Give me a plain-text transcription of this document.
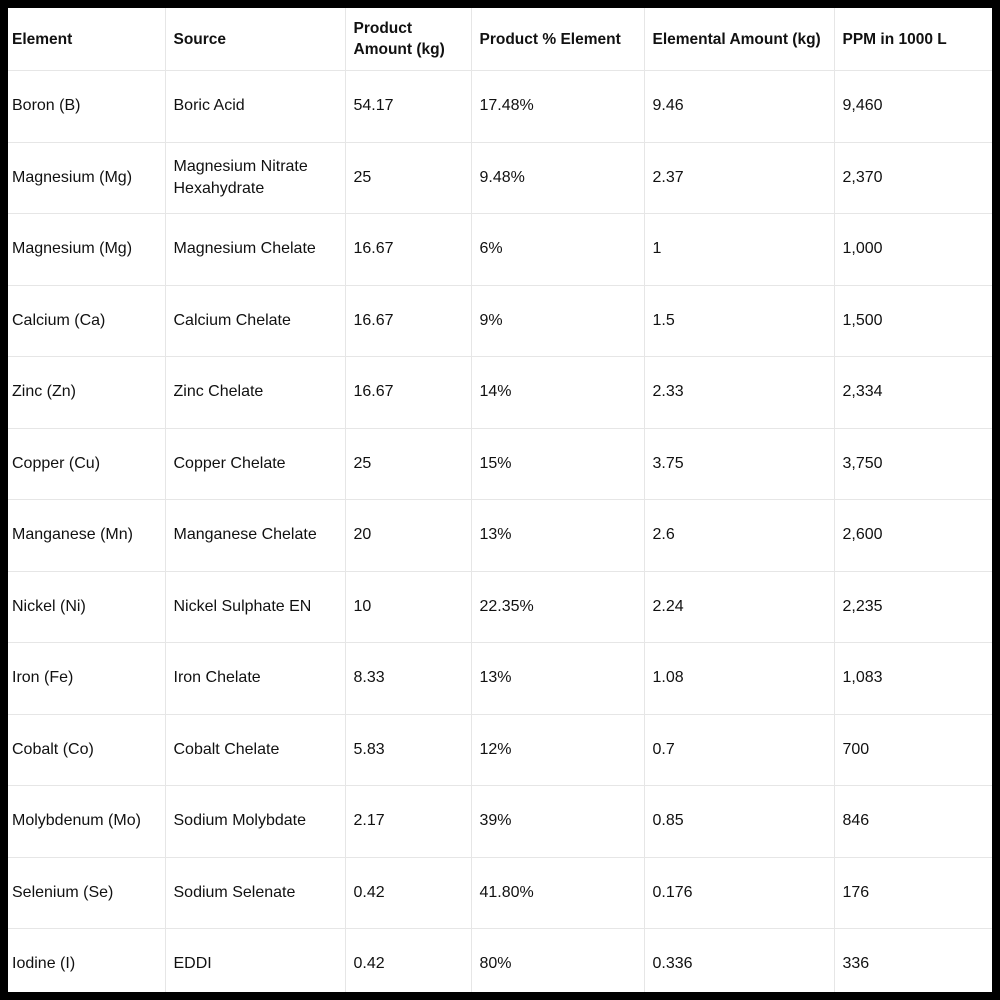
Element	Source	Product Amount (kg)	Product % Element	Elemental Amount (kg)	PPM in 1000 L
Boron (B)	Boric Acid	54.17	17.48%	9.46	9,460
Magnesium (Mg)	Magnesium Nitrate Hexahydrate	25	9.48%	2.37	2,370
Magnesium (Mg)	Magnesium Chelate	16.67	6%	1	1,000
Calcium (Ca)	Calcium Chelate	16.67	9%	1.5	1,500
Zinc (Zn)	Zinc Chelate	16.67	14%	2.33	2,334
Copper (Cu)	Copper Chelate	25	15%	3.75	3,750
Manganese (Mn)	Manganese Chelate	20	13%	2.6	2,600
Nickel (Ni)	Nickel Sulphate EN	10	22.35%	2.24	2,235
Iron (Fe)	Iron Chelate	8.33	13%	1.08	1,083
Cobalt (Co)	Cobalt Chelate	5.83	12%	0.7	700
Molybdenum (Mo)	Sodium Molybdate	2.17	39%	0.85	846
Selenium (Se)	Sodium Selenate	0.42	41.80%	0.176	176
Iodine (I)	EDDI	0.42	80%	0.336	336
